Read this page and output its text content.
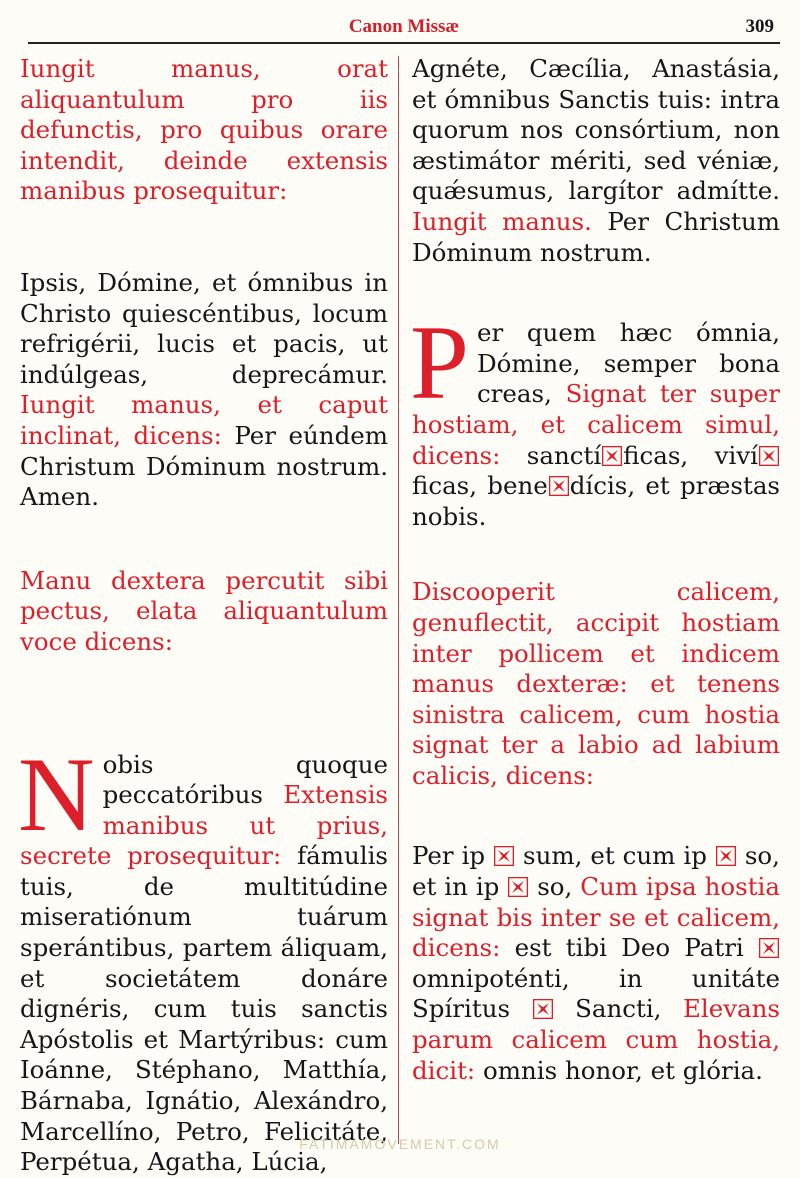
Canon Missæ	309

Iungit manus, orat aliquantulum pro iis defunctis, pro quibus orare intendit, deinde extensis manibus prosequitur:

Ipsis, Dómine, et ómnibus in Christo quiescéntibus, locum refrigérii, lucis et pacis, ut indúlgeas, deprecámur. Iungit manus, et caput inclinat, dicens: Per eúndem Christum Dóminum nostrum. Amen.

Manu dextera percutit sibi pectus, elata aliquantulum voce dicens:

N obis quoque peccatóribus Extensis manibus ut prius, secrete prosequitur: fámulis tuis, de multitúdine miseratiónum tuárum sperántibus, partem áliquam, et societátem donáre dignéris, cum tuis sanctis Apóstolis et Martýribus: cum Ioánne, Stéphano, Matthía, Bárnaba, Ignátio, Alexándro, Marcellíno, Petro, Felicitáte, Perpétua, Agatha, Lúcia,

Agnéte, Cæcília, Anastásia, et ómnibus Sanctis tuis: intra quorum nos consórtium, non æstimátor mériti, sed véniæ, quǽsumus, largítor admítte. Iungit manus. Per Christum Dóminum nostrum.

P er quem hæc ómnia, Dómine, semper bona creas, Signat ter super hostiam, et calicem simul, dicens: sanctí ficas, vivíficas, bene dícis, et præstas nobis.

Discooperit calicem, genuflectit, accipit hostiam inter pollicem et indicem manus dexteræ: et tenens sinistra calicem, cum hostia signat ter a labio ad labium calicis, dicens:

Per ip sum, et cum ip so, et in ip so, Cum ipsa hostia signat bis inter se et calicem, dicens: est tibi Deo Patri  omnipoténti, in unitáte Spíritus	Sancti, Elevans parum calicem cum hostia, dicit: omnis honor, et glória.

FATIMAMOVEMENT.COM
